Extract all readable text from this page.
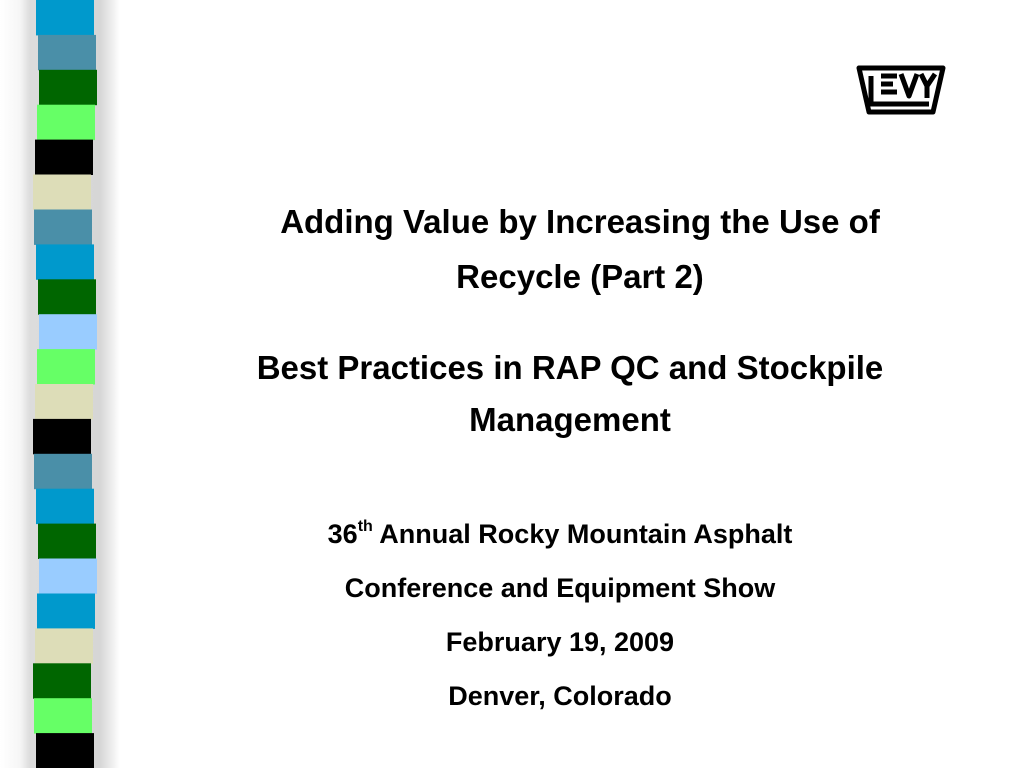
Adding Value by Increasing the Use of
Recycle (Part 2)
Best Practices in RAP QC and Stockpile
Management
36th Annual Rocky Mountain Asphalt
Conference and Equipment Show
February 19, 2009
Denver, Colorado
